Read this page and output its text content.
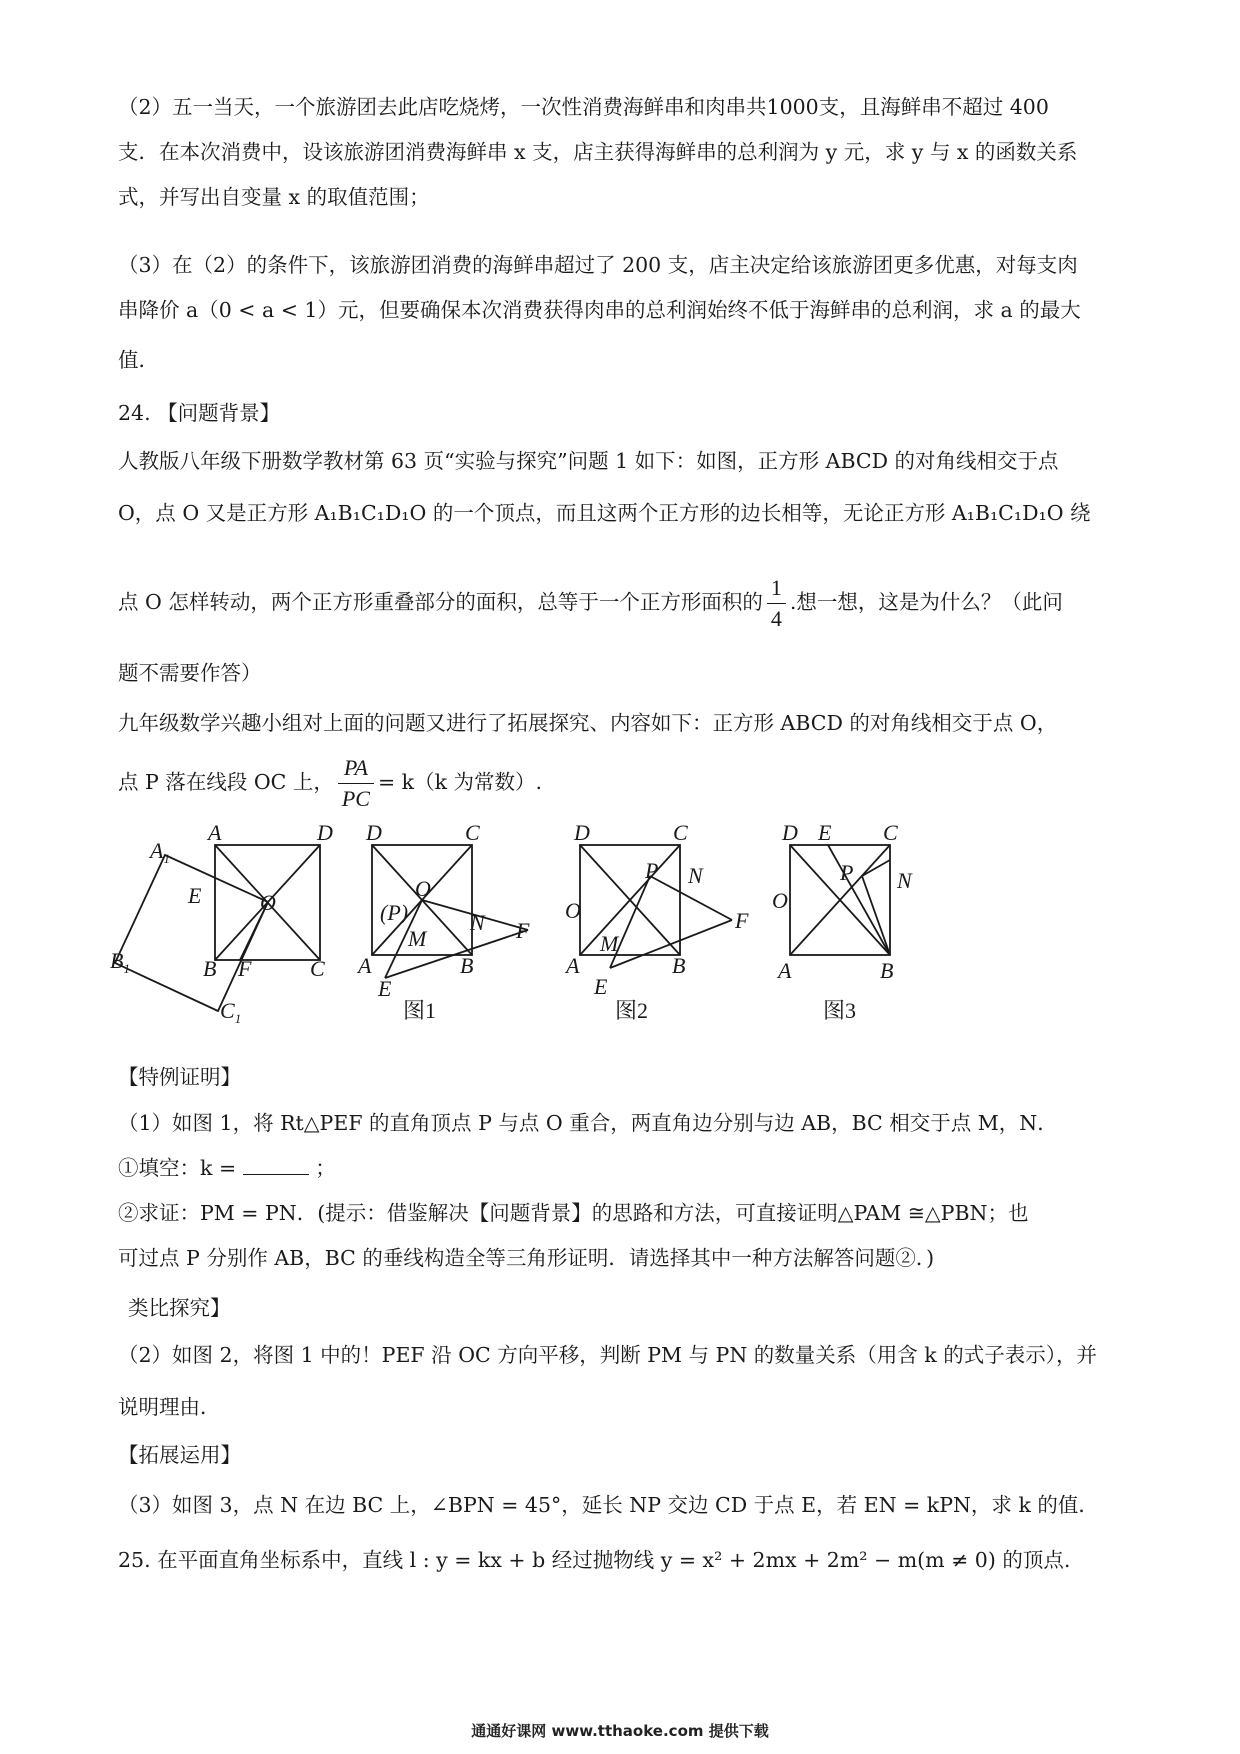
（2）五一当天，一个旅游团去此店吃烧烤，一次性消费海鲜串和肉串共1000支，且海鲜串不超过 400
支．在本次消费中，设该旅游团消费海鲜串 x 支，店主获得海鲜串的总利润为 y 元，求 y 与 x 的函数关系
式，并写出自变量 x 的取值范围；
（3）在（2）的条件下，该旅游团消费的海鲜串超过了 200 支，店主决定给该旅游团更多优惠，对每支肉
串降价 a（0 < a < 1）元，但要确保本次消费获得肉串的总利润始终不低于海鲜串的总利润，求 a 的最大
值．
24. 【问题背景】
人教版八年级下册数学教材第 63 页“实验与探究”问题 1 如下：如图，正方形 ABCD 的对角线相交于点
O，点 O 又是正方形 A₁B₁C₁D₁O 的一个顶点，而且这两个正方形的边长相等，无论正方形 A₁B₁C₁D₁O 绕
点 O 怎样转动，两个正方形重叠部分的面积，总等于一个正方形面积的 $\frac{1}{4}$ .想一想，这是为什么？（此问
题不需要作答）
九年级数学兴趣小组对上面的问题又进行了拓展探究、内容如下：正方形 ABCD 的对角线相交于点 O，
点 P 落在线段 OC 上， $\frac{PA}{PC} = k(k$ 为常数）.
$A_1$
A	D
E	O
$B_1$	B F	C
$C_1$
D	C
O
(P)	N F
M
A	B
E
图1
D	C
P N
O	F
M
A	B
E
图2
D E C
P N
O
A	B
图3
【特例证明】
（1）如图 1，将 Rt△PEF 的直角顶点 P 与点 O 重合，两直角边分别与边 AB，BC 相交于点 M，N．
①填空：k =	；
②求证：PM = PN．(提示：借鉴解决【问题背景】的思路和方法，可直接证明△PAM ≅△PBN；也
可过点 P 分别作 AB，BC 的垂线构造全等三角形证明．请选择其中一种方法解答问题②．)
类比探究】
（2）如图 2，将图 1 中的！PEF 沿 OC 方向平移，判断 PM 与 PN 的数量关系（用含 k 的式子表示），并
说明理由．
【拓展运用】
（3）如图 3，点 N 在边 BC 上，∠BPN = 45°，延长 NP 交边 CD 于点 E，若 EN = kPN，求 k 的值．
25. 在平面直角坐标系中，直线 l : y = kx + b 经过抛物线 y = x² + 2mx + 2m² − m(m ≠ 0) 的顶点.
通通好课网 www.tthaoke.com 提供下载
